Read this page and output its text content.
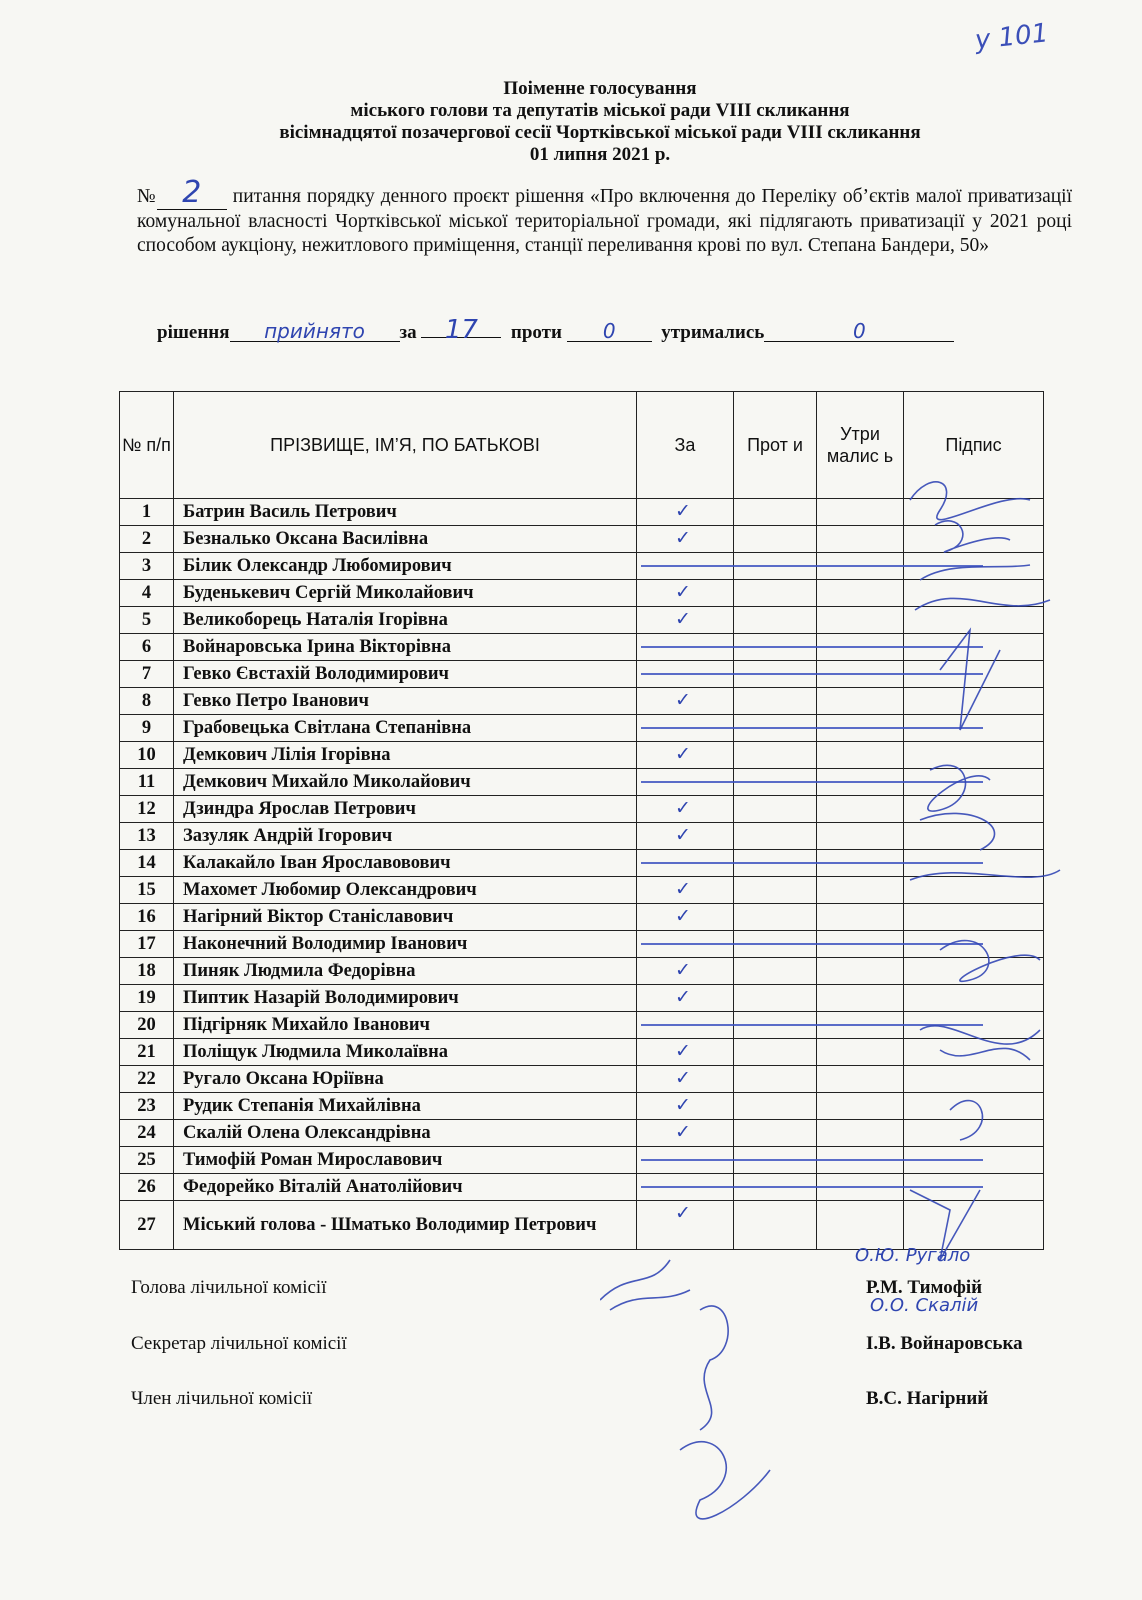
у 101
Поіменне голосування
міського голови та депутатів міської ради VIII скликання
вісімнадцятої позачергової сесії Чортківської міської ради VIII скликання
01 липня 2021 р.
№ 2 питання порядку денного проєкт рішення «Про включення до Переліку об’єктів малої приватизації комунальної власності Чортківської міської територіальної громади, які підлягають приватизації у 2021 році способом аукціону, нежитлового приміщення, станції переливання крові по вул. Степана Бандери, 50»
рішення прийнято за 17 проти 0 утримались	0
№ п/п	ПРІЗВИЩЕ, ІМ’Я, ПО БАТЬКОВІ	За	Прот и	Утри малис ь	Підпис
1	Батрин Василь Петрович	✓			

2	Безналько Оксана Василівна	✓			

3	Білик Олександр Любомирович	

4	Буденькевич Сергій Миколайович	✓			

5	Великоборець Наталія Ігорівна	✓			

6	Войнаровська Ірина Вікторівна	

7	Гевко Євстахій Володимирович	

8	Гевко Петро Іванович	✓			

9	Грабовецька Світлана Степанівна	

10	Демкович Лілія Ігорівна	✓			

11	Демкович Михайло Миколайович	

12	Дзиндра Ярослав Петрович	✓			

13	Зазуляк Андрій Ігорович	✓			

14	Калакайло Іван Ярославовович	

15	Махомет Любомир Олександрович	✓			

16	Нагірний Віктор Станіславович	✓			

17	Наконечний Володимир Іванович	

18	Пиняк Людмила Федорівна	✓			

19	Пиптик Назарій Володимирович	✓			

20	Підгірняк Михайло Іванович	

21	Поліщук Людмила Миколаївна	✓			

22	Ругало Оксана Юріївна	✓			

23	Рудик Степанія Михайлівна	✓			

24	Скалій Олена Олександрівна	✓			

25	Тимофій Роман Мирославович	

26	Федорейко Віталій Анатолійович	

27	Міський голова - Шматько Володимир Петрович	✓			

О.Ю. Ругало
О.О. Скалій
Голова лічильної комісії	Р.М. Тимофій
Секретар лічильної комісії	І.В. Войнаровська
Член лічильної комісії	В.С. Нагірний
